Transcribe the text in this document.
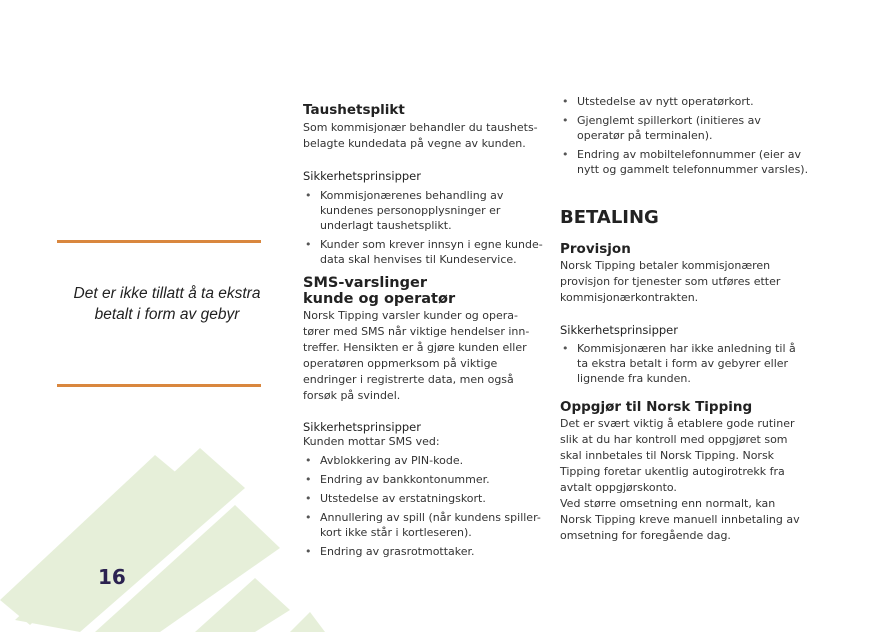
Det er ikke tillatt å ta ekstra betalt i form av gebyr
16
Taushetsplikt

Som kommisjonær behandler du taushets-belagte kundedata på vegne av kunden.

Sikkerhetsprinsipper
• Kommisjonærenes behandling av kundenes personopplysninger er underlagt taushetsplikt.
• Kunder som krever innsyn i egne kunde-data skal henvises til Kundeservice.
SMS-varslinger
kunde og operatør

Norsk Tipping varsler kunder og opera-tører med SMS når viktige hendelser inn-treffer. Hensikten er å gjøre kunden eller operatøren oppmerksom på viktige endringer i registrerte data, men også forsøk på svindel.

Sikkerhetsprinsipper

Kunden mottar SMS ved:

• Avblokkering av PIN-kode.
• Endring av bankkontonummer.
• Utstedelse av erstatningskort.
• Annullering av spill (når kundens spiller-kort ikke står i kortleseren).
• Endring av grasrotmottaker.
• Utstedelse av nytt operatørkort.
• Gjenglemt spillerkort (initieres av operatør på terminalen).
• Endring av mobiltelefonnummer (eier av nytt og gammelt telefonnummer varsles).
BETALING
Provisjon

Norsk Tipping betaler kommisjonæren provisjon for tjenester som utføres etter kommisjonærkontrakten.

Sikkerhetsprinsipper
• Kommisjonæren har ikke anledning til å ta ekstra betalt i form av gebyrer eller lignende fra kunden.
Oppgjør til Norsk Tipping

Det er svært viktig å etablere gode rutiner slik at du har kontroll med oppgjøret som skal innbetales til Norsk Tipping. Norsk Tipping foretar ukentlig autogirotrekk fra avtalt oppgjørskonto.

Ved større omsetning enn normalt, kan Norsk Tipping kreve manuell innbetaling av omsetning for foregående dag.
